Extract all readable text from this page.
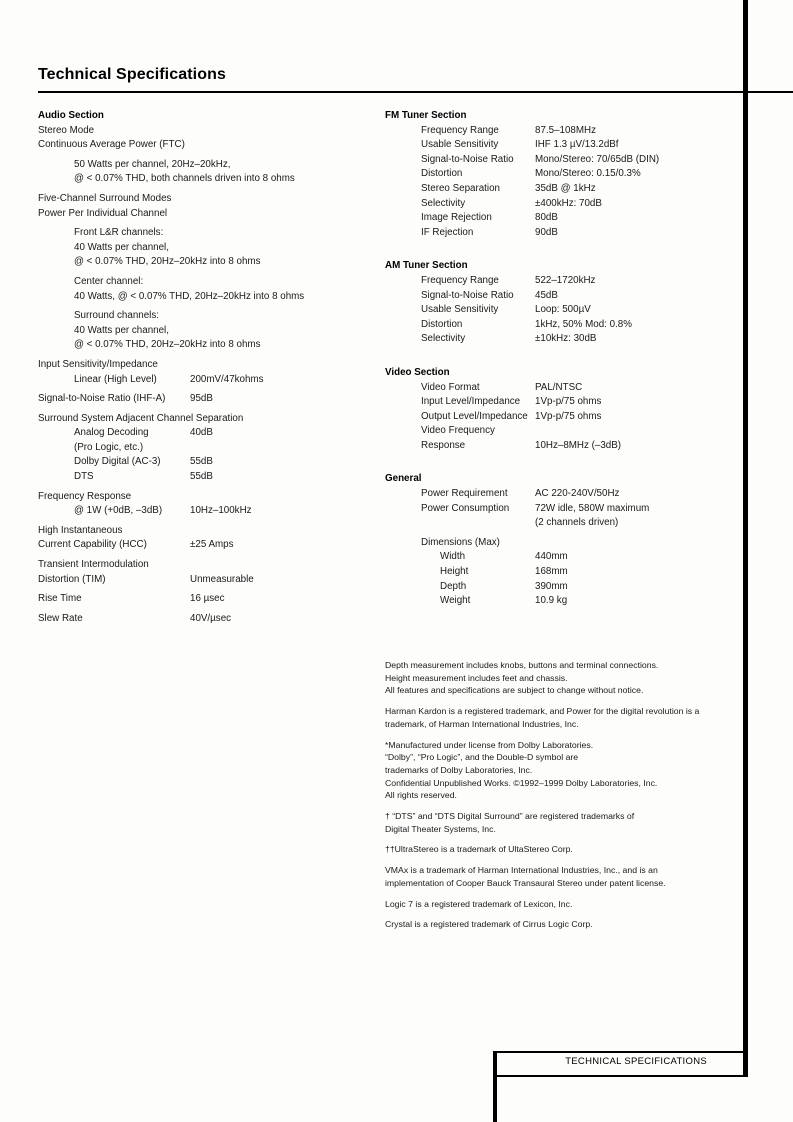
Technical Specifications
Audio Section
Stereo Mode
Continuous Average Power (FTC)
50 Watts per channel, 20Hz–20kHz,
@ < 0.07% THD, both channels driven into 8 ohms
Five-Channel Surround Modes
Power Per Individual Channel
Front L&R channels:
40 Watts per channel,
@ < 0.07% THD, 20Hz–20kHz into 8 ohms
Center channel:
40 Watts, @ < 0.07% THD, 20Hz–20kHz into 8 ohms
Surround channels:
40 Watts per channel,
@ < 0.07% THD, 20Hz–20kHz into 8 ohms
Input Sensitivity/Impedance
Linear (High Level)	200mV/47kohms
Signal-to-Noise Ratio (IHF-A)	95dB
Surround System Adjacent Channel Separation
Analog Decoding	40dB
(Pro Logic, etc.)
Dolby Digital (AC-3)	55dB
DTS	55dB
Frequency Response
@ 1W (+0dB, –3dB)	10Hz–100kHz
High Instantaneous
Current Capability (HCC)	±25 Amps
Transient Intermodulation
Distortion (TIM)	Unmeasurable
Rise Time	16 µsec
Slew Rate	40V/µsec
FM Tuner Section
Frequency Range	87.5–108MHz
Usable Sensitivity	IHF 1.3 µV/13.2dBf
Signal-to-Noise Ratio Mono/Stereo: 70/65dB (DIN)
Distortion	Mono/Stereo: 0.15/0.3%
Stereo Separation	35dB @ 1kHz
Selectivity	±400kHz: 70dB
Image Rejection	80dB
IF Rejection	90dB
AM Tuner Section
Frequency Range	522–1720kHz
Signal-to-Noise Ratio 45dB
Usable Sensitivity	Loop: 500µV
Distortion	1kHz, 50% Mod: 0.8%
Selectivity	±10kHz: 30dB
Video Section
Video Format	PAL/NTSC
Input Level/Impedance 1Vp-p/75 ohms
Output Level/Impedance 1Vp-p/75 ohms
Video Frequency
Response	10Hz–8MHz (–3dB)
General
Power Requirement	AC 220-240V/50Hz
Power Consumption	72W idle, 580W maximum

(2 channels driven)
Dimensions (Max)
Width	440mm
Height	168mm
Depth	390mm
Weight	10.9 kg
Depth measurement includes knobs, buttons and terminal connections.
Height measurement includes feet and chassis.
All features and specifications are subject to change without notice.
Harman Kardon is a registered trademark, and Power for the digital revolution is a
trademark, of Harman International Industries, Inc.
*Manufactured under license from Dolby Laboratories.
“Dolby”, “Pro Logic”, and the Double-D symbol are
trademarks of Dolby Laboratories, Inc.
Confidential Unpublished Works. ©1992–1999 Dolby Laboratories, Inc.
All rights reserved.
† “DTS” and “DTS Digital Surround” are registered trademarks of
Digital Theater Systems, Inc.
††UltraStereo is a trademark of UltaStereo Corp.
VMAx is a trademark of Harman International Industries, Inc., and is an
implementation of Cooper Bauck Transaural Stereo under patent license.
Logic 7 is a registered trademark of Lexicon, Inc.
Crystal is a registered trademark of Cirrus Logic Corp.
TECHNICAL SPECIFICATIONS
